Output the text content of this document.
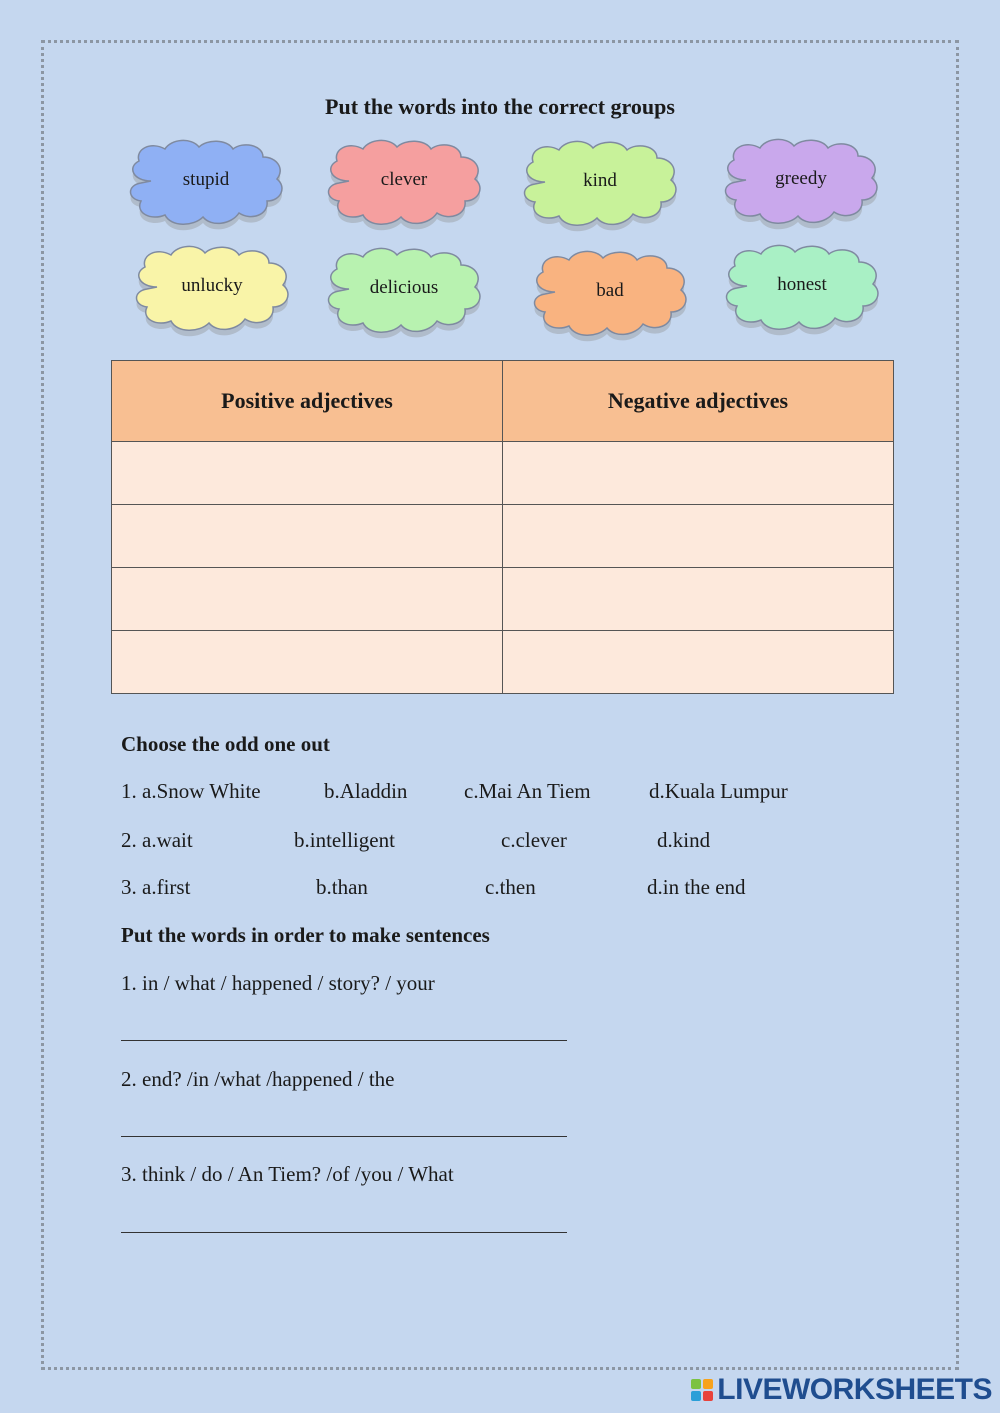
Put the words into the correct groups
stupid	clever	kind	greedy
unlucky	delicious	bad	honest
Positive adjectives	Negative adjectives

Choose the odd one out
1. a.Snow White	b.Aladdin	c.Mai An Tiem	d.Kuala Lumpur
2. a.wait	b.intelligent	c.clever	d.kind
3. a.first	b.than	c.then	d.in the end
Put the words in order to make sentences
1. in / what / happened / story? / your
2. end? /in /what /happened / the
3. think / do / An Tiem? /of /you / What
LIVEWORKSHEETS
